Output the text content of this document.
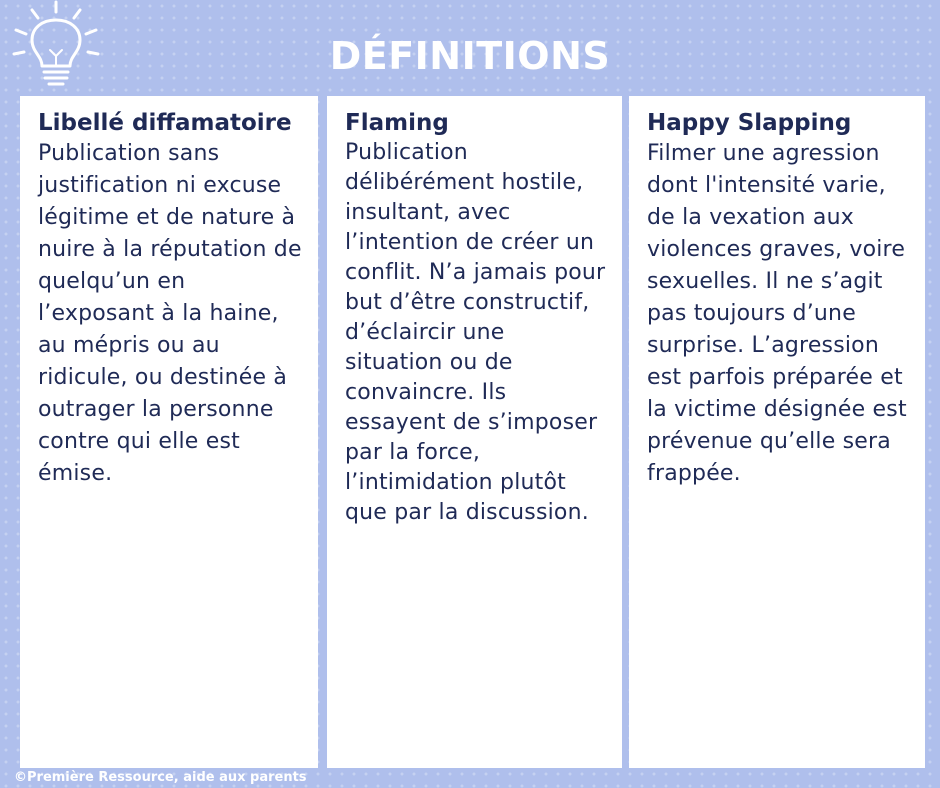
DÉFINITIONS
Libellé diffamatoire
Publication sans justification ni excuse légitime et de nature à nuire à la réputation de quelqu’un en l’exposant à la haine, au mépris ou au ridicule, ou destinée à outrager la personne contre qui elle est émise.
Flaming
Publication délibérément hostile, insultant, avec l’intention de créer un conflit. N’a jamais pour but d’être constructif, d’éclaircir une situation ou de convaincre. Ils essayent de s’imposer par la force, l’intimidation plutôt que par la discussion.
Happy Slapping
Filmer une agression dont l'intensité varie, de la vexation aux violences graves, voire sexuelles. Il ne s’agit pas toujours d’une surprise. L’agression est parfois préparée et la victime désignée est prévenue qu’elle sera frappée.
©Première Ressource, aide aux parents
